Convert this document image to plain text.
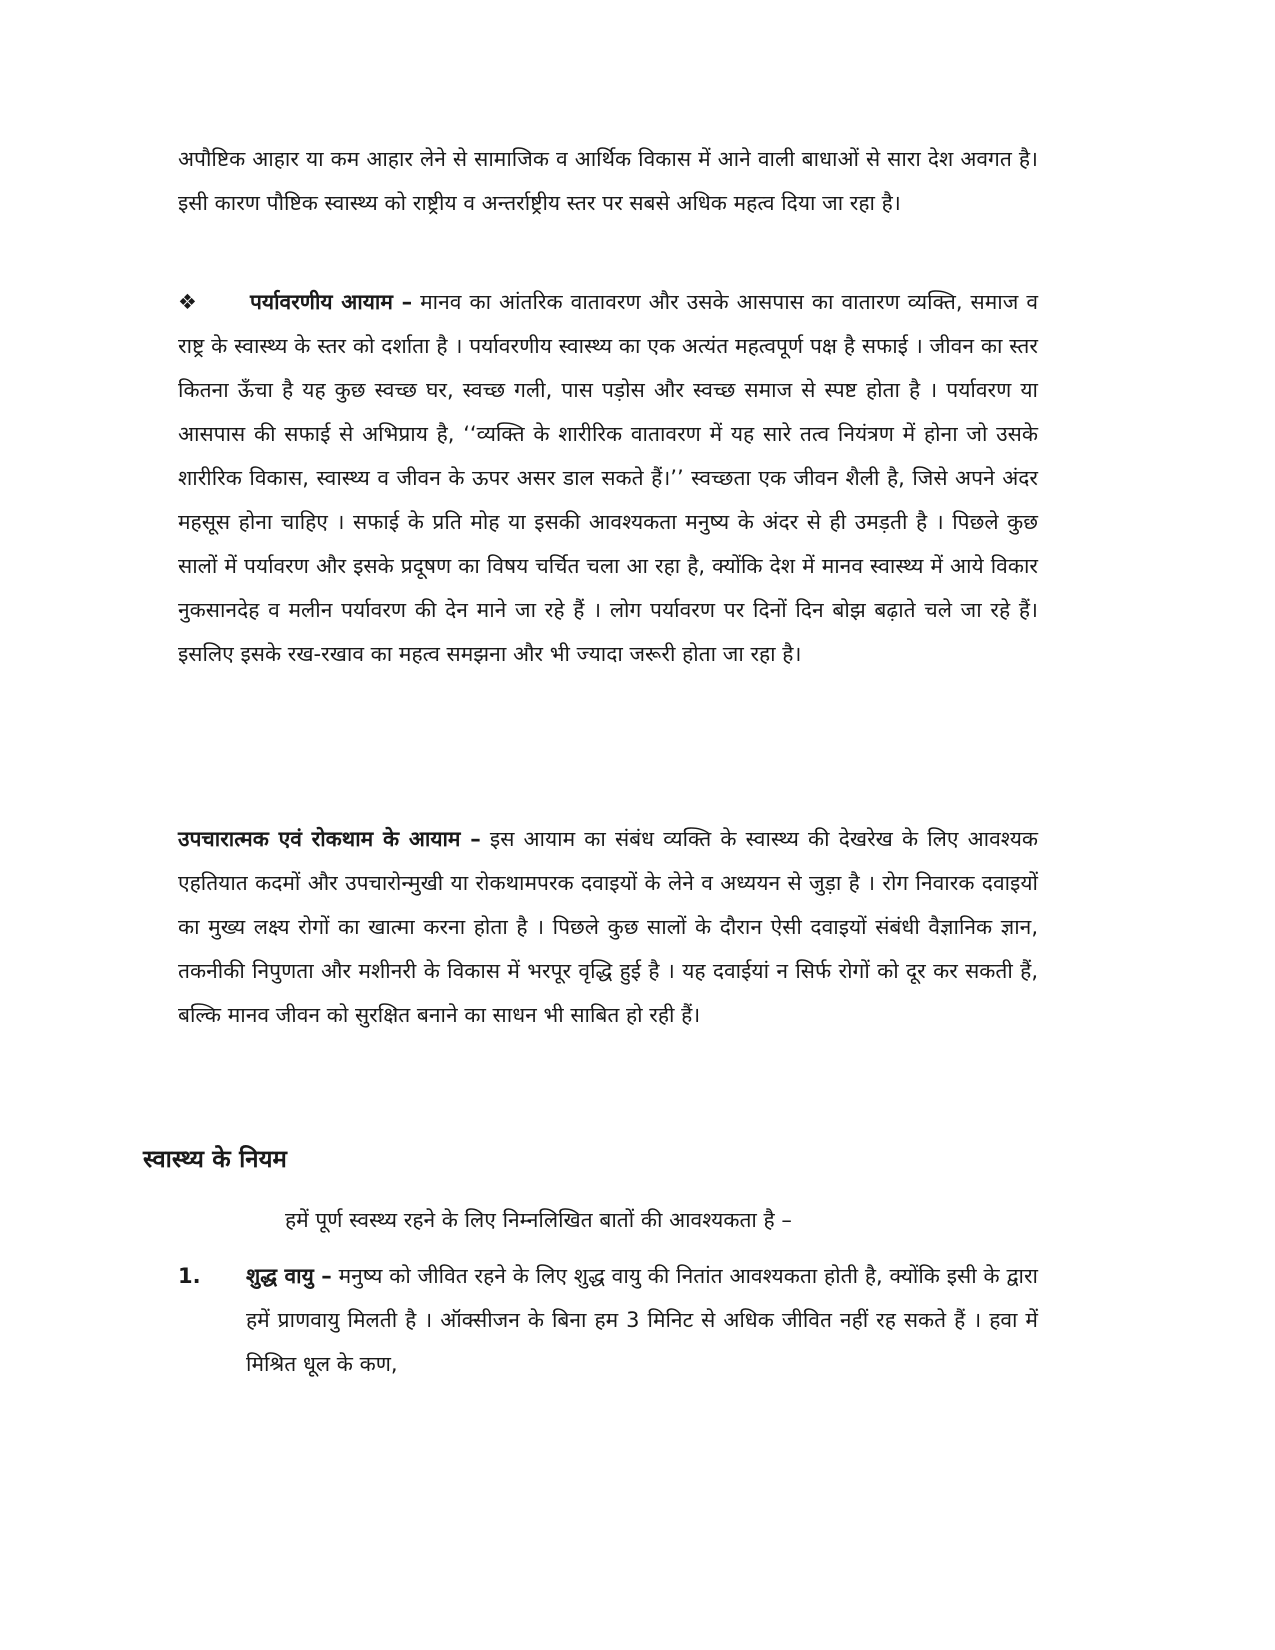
अपौष्टिक आहार या कम आहार लेने से सामाजिक व आर्थिक विकास में आने वाली बाधाओं से सारा देश अवगत है। इसी कारण पौष्टिक स्वास्थ्य को राष्ट्रीय व अन्तर्राष्ट्रीय स्तर पर सबसे अधिक महत्व दिया जा रहा है।

❖	पर्यावरणीय आयाम – मानव का आंतरिक वातावरण और उसके आसपास का वातारण व्यक्ति, समाज व राष्ट्र के स्वास्थ्य के स्तर को दर्शाता है । पर्यावरणीय स्वास्थ्य का एक अत्यंत महत्वपूर्ण पक्ष है सफाई । जीवन का स्तर कितना ऊँचा है यह कुछ स्वच्छ घर, स्वच्छ गली, पास पड़ोस और स्वच्छ समाज से स्पष्ट होता है । पर्यावरण या आसपास की सफाई से अभिप्राय है, ‘‘व्यक्ति के शारीरिक वातावरण में यह सारे तत्व नियंत्रण में होना जो उसके शारीरिक विकास, स्वास्थ्य व जीवन के ऊपर असर डाल सकते हैं।’’ स्वच्छता एक जीवन शैली है, जिसे अपने अंदर महसूस होना चाहिए । सफाई के प्रति मोह या इसकी आवश्यकता मनुष्य के अंदर से ही उमड़ती है । पिछले कुछ सालों में पर्यावरण और इसके प्रदूषण का विषय चर्चित चला आ रहा है, क्योंकि देश में मानव स्वास्थ्य में आये विकार नुकसानदेह व मलीन पर्यावरण की देन माने जा रहे हैं । लोग पर्यावरण पर दिनों दिन बोझ बढ़ाते चले जा रहे हैं। इसलिए इसके रख-रखाव का महत्व समझना और भी ज्यादा जरूरी होता जा रहा है।

उपचारात्मक एवं रोकथाम के आयाम – इस आयाम का संबंध व्यक्ति के स्वास्थ्य की देखरेख के लिए आवश्यक एहतियात कदमों और उपचारोन्मुखी या रोकथामपरक दवाइयों के लेने व अध्ययन से जुड़ा है । रोग निवारक दवाइयों का मुख्य लक्ष्य रोगों का खात्मा करना होता है । पिछले कुछ सालों के दौरान ऐसी दवाइयों संबंधी वैज्ञानिक ज्ञान, तकनीकी निपुणता और मशीनरी के विकास में भरपूर वृद्धि हुई है । यह दवाईयां न सिर्फ रोगों को दूर कर सकती हैं, बल्कि मानव जीवन को सुरक्षित बनाने का साधन भी साबित हो रही हैं।

स्वास्थ्य के नियम

हमें पूर्ण स्वस्थ्य रहने के लिए निम्नलिखित बातों की आवश्यकता है –

1. शुद्ध वायु – मनुष्य को जीवित रहने के लिए शुद्ध वायु की नितांत आवश्यकता होती है, क्योंकि इसी के द्वारा हमें प्राणवायु मिलती है । ऑक्सीजन के बिना हम 3 मिनिट से अधिक जीवित नहीं रह सकते हैं । हवा में मिश्रित धूल के कण,
